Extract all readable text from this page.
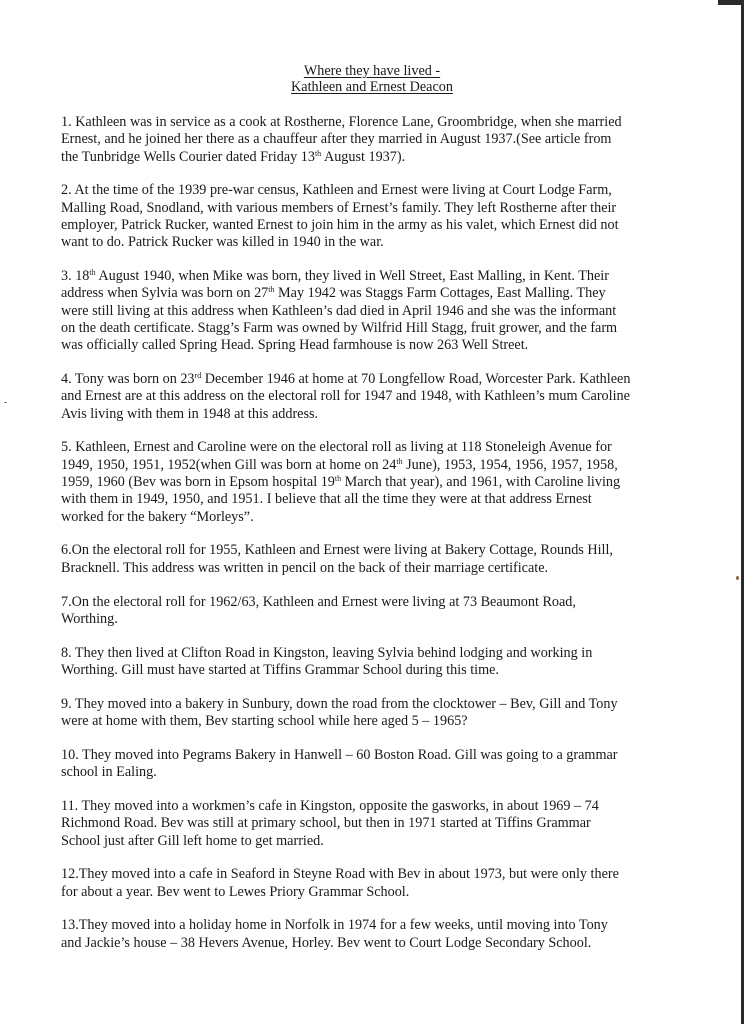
Where they have lived -
Kathleen and Ernest Deacon
1. Kathleen was in service as a cook at Rostherne, Florence Lane, Groombridge, when she married
Ernest, and he joined her there as a chauffeur after they married in August 1937.(See article from
the Tunbridge Wells Courier dated Friday 13th August 1937).
2. At the time of the 1939 pre-war census, Kathleen and Ernest were living at Court Lodge Farm,
Malling Road, Snodland, with various members of Ernest’s family. They left Rostherne after their
employer, Patrick Rucker, wanted Ernest to join him in the army as his valet, which Ernest did not
want to do. Patrick Rucker was killed in 1940 in the war.
3. 18th August 1940, when Mike was born, they lived in Well Street, East Malling, in Kent. Their
address when Sylvia was born on 27th May 1942 was Staggs Farm Cottages, East Malling. They
were still living at this address when Kathleen’s dad died in April 1946 and she was the informant
on the death certificate. Stagg’s Farm was owned by Wilfrid Hill Stagg, fruit grower, and the farm
was officially called Spring Head. Spring Head farmhouse is now 263 Well Street.
4. Tony was born on 23rd December 1946 at home at 70 Longfellow Road, Worcester Park. Kathleen
and Ernest are at this address on the electoral roll for 1947 and 1948, with Kathleen’s mum Caroline
Avis living with them in 1948 at this address.
5. Kathleen, Ernest and Caroline were on the electoral roll as living at 118 Stoneleigh Avenue for
1949, 1950, 1951, 1952(when Gill was born at home on 24th June), 1953, 1954, 1956, 1957, 1958,
1959, 1960 (Bev was born in Epsom hospital 19th March that year), and 1961, with Caroline living
with them in 1949, 1950, and 1951. I believe that all the time they were at that address Ernest
worked for the bakery “Morleys”.
6.On the electoral roll for 1955, Kathleen and Ernest were living at Bakery Cottage, Rounds Hill,
Bracknell. This address was written in pencil on the back of their marriage certificate.
7.On the electoral roll for 1962/63, Kathleen and Ernest were living at 73 Beaumont Road,
Worthing.
8. They then lived at Clifton Road in Kingston, leaving Sylvia behind lodging and working in
Worthing. Gill must have started at Tiffins Grammar School during this time.
9. They moved into a bakery in Sunbury, down the road from the clocktower – Bev, Gill and Tony
were at home with them, Bev starting school while here aged 5 – 1965?
10. They moved into Pegrams Bakery in Hanwell – 60 Boston Road. Gill was going to a grammar
school in Ealing.
11. They moved into a workmen’s cafe in Kingston, opposite the gasworks, in about 1969 – 74
Richmond Road. Bev was still at primary school, but then in 1971 started at Tiffins Grammar
School just after Gill left home to get married.
12.They moved into a cafe in Seaford in Steyne Road with Bev in about 1973, but were only there
for about a year. Bev went to Lewes Priory Grammar School.
13.They moved into a holiday home in Norfolk in 1974 for a few weeks, until moving into Tony
and Jackie’s house – 38 Hevers Avenue, Horley. Bev went to Court Lodge Secondary School.
